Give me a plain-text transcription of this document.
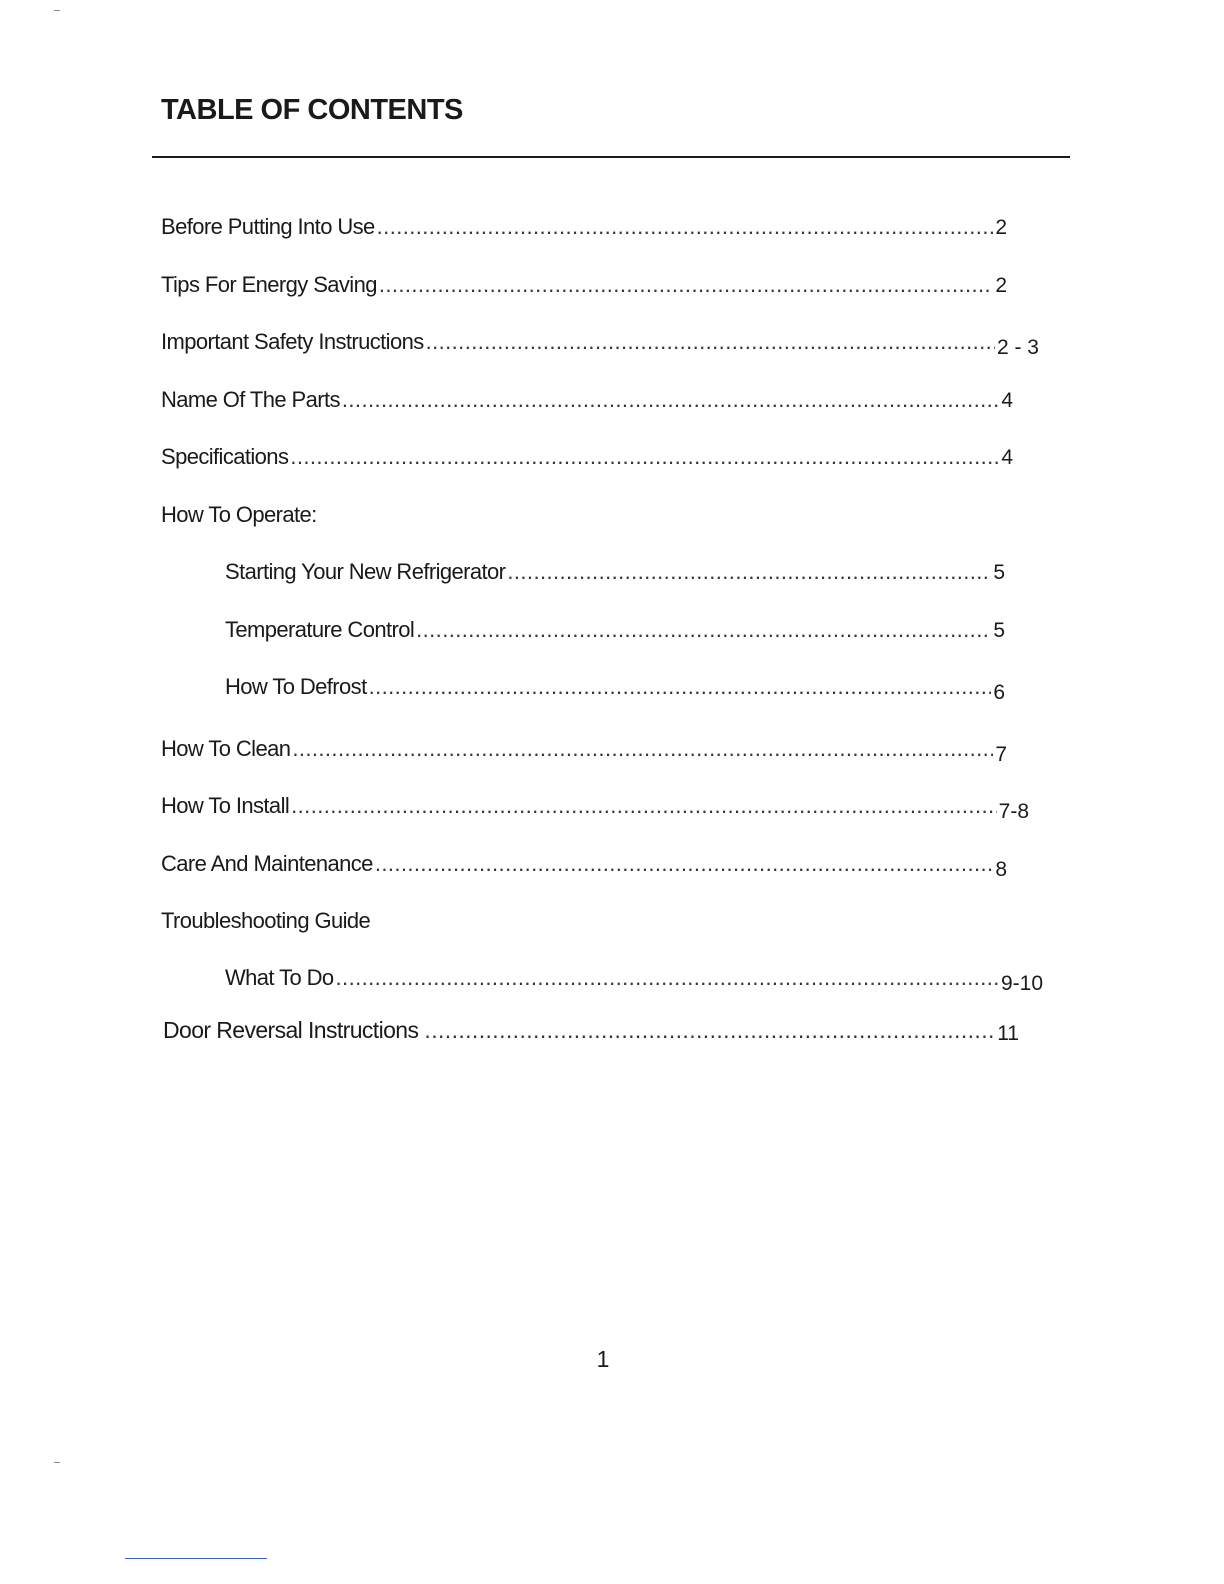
TABLE OF CONTENTS
Before Putting Into Use .....	2
Tips For Energy Saving .....	2
Important Safety Instructions .....	2 - 3
Name Of The Parts .....	4
Specifications .....	4
How To Operate:
Starting Your New Refrigerator .....	5
Temperature Control .....	5
How To Defrost .....	6
How To Clean .....	7
How To Install .....	7-8
Care And Maintenance .....	8
Troubleshooting Guide
What To Do .....	9-10
Door Reversal Instructions .....	11
1
